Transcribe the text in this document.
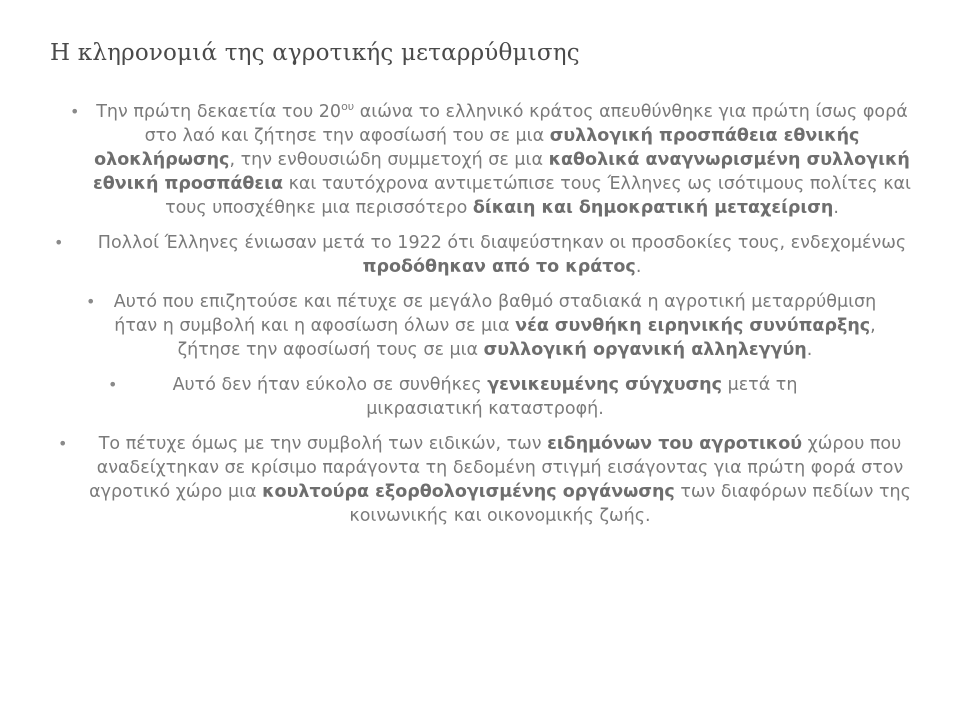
Η κληρονομιά της αγροτικής μεταρρύθμισης
• Την πρώτη δεκαετία του $20^{o\upsilon}$ αιώνα το ελληνικό κράτος απευθύνθηκε για πρώτη ίσως φορά στο λαό και ζήτησε την αφοσίωσή του σε μια συλλογική προσπάθεια εθνικής ολοκλήρωσης, την ενθουσιώδη συμμετοχή σε μια καθολικά αναγνωρισμένη συλλογική εθνική προσπάθεια και ταυτόχρονα αντιμετώπισε τους Έλληνες ως ισότιμους πολίτες και τους υποσχέθηκε μια περισσότερο δίκαιη και δημοκρατική μεταχείριση.
• Πολλοί Έλληνες ένιωσαν μετά το 1922 ότι διαψεύστηκαν οι προσδοκίες τους, ενδεχομένως προδόθηκαν από το κράτος.
• Αυτό που επιζητούσε και πέτυχε σε μεγάλο βαθμό σταδιακά η αγροτική μεταρρύθμιση ήταν η συμβολή και η αφοσίωση όλων σε μια νέα συνθήκη ειρηνικής συνύπαρξης, ζήτησε την αφοσίωσή τους σε μια συλλογική οργανική αλληλεγγύη.
•	Αυτό δεν ήταν εύκολο σε συνθήκες γενικευμένης σύγχυσης μετά τη μικρασιατική καταστροφή.
• Το πέτυχε όμως με την συμβολή των ειδικών, των ειδημόνων του αγροτικού χώρου που αναδείχτηκαν σε κρίσιμο παράγοντα τη δεδομένη στιγμή εισάγοντας για πρώτη φορά στον αγροτικό χώρο μια κουλτούρα εξορθολογισμένης οργάνωσης των διαφόρων πεδίων της κοινωνικής και οικονομικής ζωής.
